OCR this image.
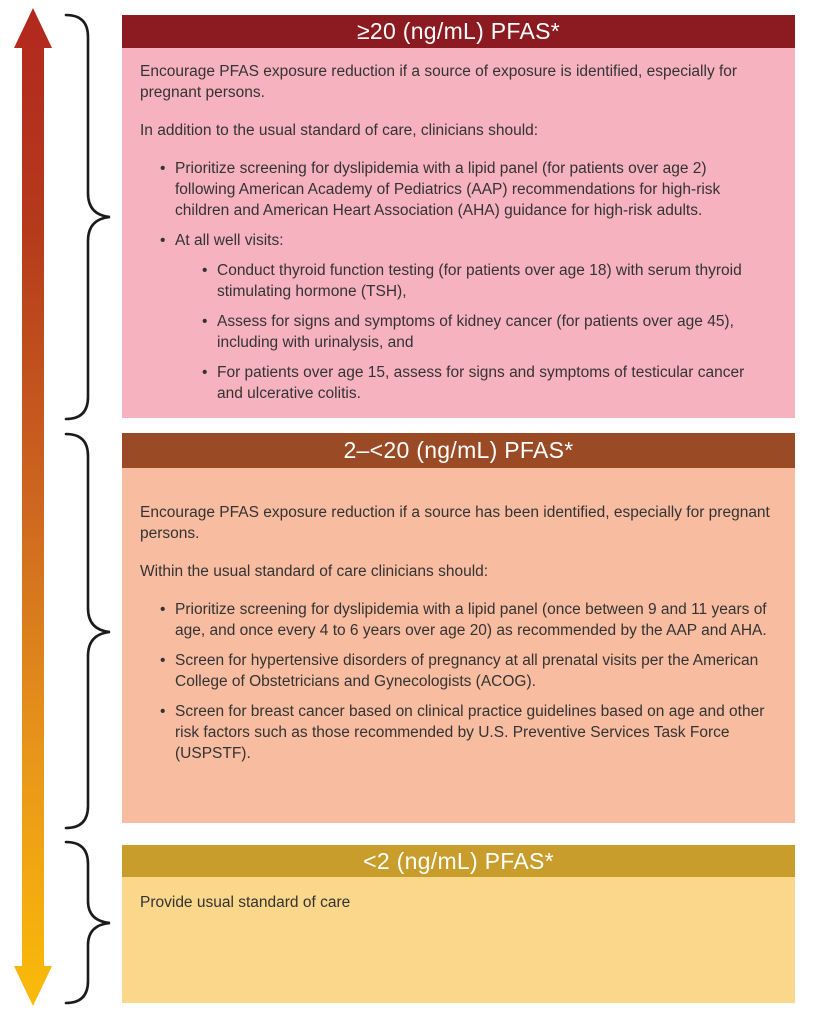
≥20 (ng/mL) PFAS*

Encourage PFAS exposure reduction if a source of exposure is identified, especially for pregnant persons.

In addition to the usual standard of care, clinicians should:

• Prioritize screening for dyslipidemia with a lipid panel (for patients over age 2) following American Academy of Pediatrics (AAP) recommendations for high-risk children and American Heart Association (AHA) guidance for high-risk adults.
• At all well visits:
• Conduct thyroid function testing (for patients over age 18) with serum thyroid stimulating hormone (TSH),
• Assess for signs and symptoms of kidney cancer (for patients over age 45), including with urinalysis, and
• For patients over age 15, assess for signs and symptoms of testicular cancer and ulcerative colitis.
2–<20 (ng/mL) PFAS*

Encourage PFAS exposure reduction if a source has been identified, especially for pregnant persons.

Within the usual standard of care clinicians should:

• Prioritize screening for dyslipidemia with a lipid panel (once between 9 and 11 years of age, and once every 4 to 6 years over age 20) as recommended by the AAP and AHA.
• Screen for hypertensive disorders of pregnancy at all prenatal visits per the American College of Obstetricians and Gynecologists (ACOG).
• Screen for breast cancer based on clinical practice guidelines based on age and other risk factors such as those recommended by U.S. Preventive Services Task Force (USPSTF).
<2 (ng/mL) PFAS*

Provide usual standard of care
